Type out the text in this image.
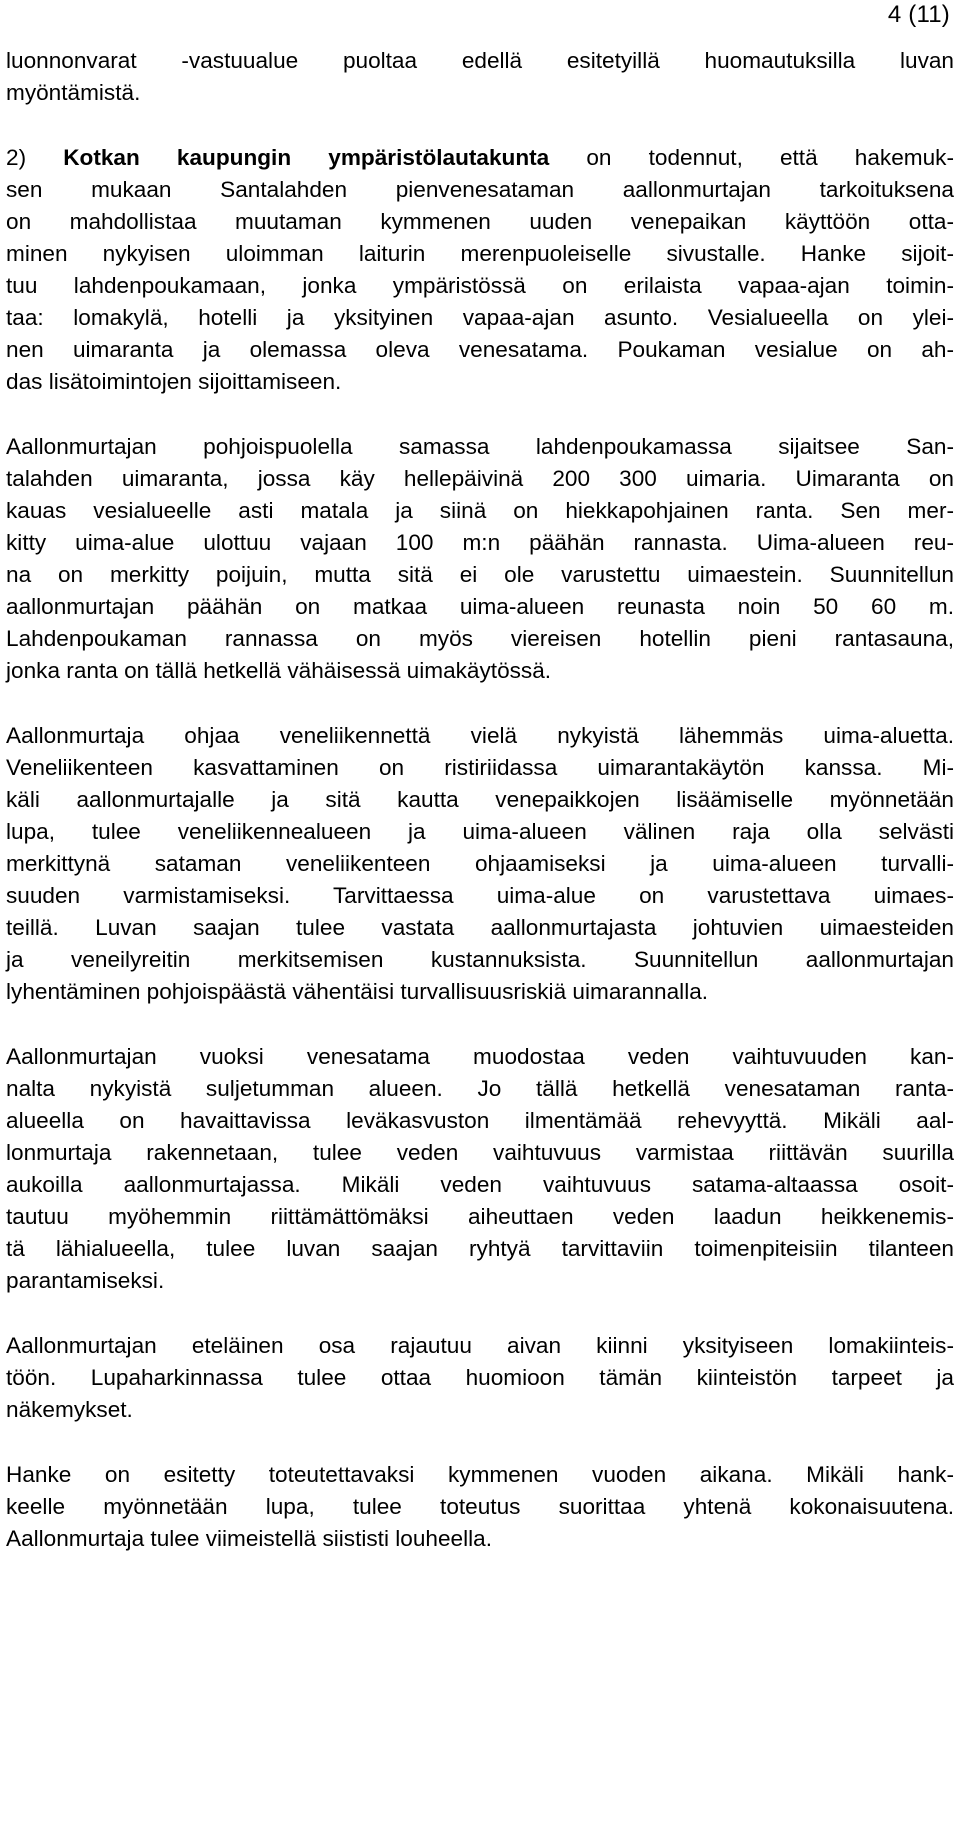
4 (11)
luonnonvarat -vastuualue puoltaa edellä esitetyillä huomautuksilla luvan
myöntämistä.
2) Kotkan kaupungin ympäristölautakunta on todennut, että hakemuk-
sen mukaan Santalahden pienvenesataman aallonmurtajan tarkoituksena
on mahdollistaa muutaman kymmenen uuden venepaikan käyttöön otta-
minen nykyisen uloimman laiturin merenpuoleiselle sivustalle. Hanke sijoit-
tuu lahdenpoukamaan, jonka ympäristössä on erilaista vapaa-ajan toimin-
taa: lomakylä, hotelli ja yksityinen vapaa-ajan asunto. Vesialueella on ylei-
nen uimaranta ja olemassa oleva venesatama. Poukaman vesialue on ah-
das lisätoimintojen sijoittamiseen.
Aallonmurtajan pohjoispuolella samassa lahdenpoukamassa sijaitsee San-
talahden uimaranta, jossa käy hellepäivinä 200 300 uimaria. Uimaranta on
kauas vesialueelle asti matala ja siinä on hiekkapohjainen ranta. Sen mer-
kitty uima-alue ulottuu vajaan 100 m:n päähän rannasta. Uima-alueen reu-
na on merkitty poijuin, mutta sitä ei ole varustettu uimaestein. Suunnitellun
aallonmurtajan päähän on matkaa uima-alueen reunasta noin 50 60 m.
Lahdenpoukaman rannassa on myös viereisen hotellin pieni rantasauna,
jonka ranta on tällä hetkellä vähäisessä uimakäytössä.
Aallonmurtaja ohjaa veneliikennettä vielä nykyistä lähemmäs uima-aluetta.
Veneliikenteen kasvattaminen on ristiriidassa uimarantakäytön kanssa. Mi-
käli aallonmurtajalle ja sitä kautta venepaikkojen lisäämiselle myönnetään
lupa, tulee veneliikennealueen ja uima-alueen välinen raja olla selvästi
merkittynä sataman veneliikenteen ohjaamiseksi ja uima-alueen turvalli-
suuden varmistamiseksi. Tarvittaessa uima-alue on varustettava uimaes-
teillä. Luvan saajan tulee vastata aallonmurtajasta johtuvien uimaesteiden
ja veneilyreitin merkitsemisen kustannuksista. Suunnitellun aallonmurtajan
lyhentäminen pohjoispäästä vähentäisi turvallisuusriskiä uimarannalla.
Aallonmurtajan vuoksi venesatama muodostaa veden vaihtuvuuden kan-
nalta nykyistä suljetumman alueen. Jo tällä hetkellä venesataman ranta-
alueella on havaittavissa leväkasvuston ilmentämää rehevyyttä. Mikäli aal-
lonmurtaja rakennetaan, tulee veden vaihtuvuus varmistaa riittävän suurilla
aukoilla aallonmurtajassa. Mikäli veden vaihtuvuus satama-altaassa osoit-
tautuu myöhemmin riittämättömäksi aiheuttaen veden laadun heikkenemis-
tä lähialueella, tulee luvan saajan ryhtyä tarvittaviin toimenpiteisiin tilanteen
parantamiseksi.
Aallonmurtajan eteläinen osa rajautuu aivan kiinni yksityiseen lomakiinteis-
töön. Lupaharkinnassa tulee ottaa huomioon tämän kiinteistön tarpeet ja
näkemykset.
Hanke on esitetty toteutettavaksi kymmenen vuoden aikana. Mikäli hank-
keelle myönnetään lupa, tulee toteutus suorittaa yhtenä kokonaisuutena.
Aallonmurtaja tulee viimeistellä siististi louheella.
